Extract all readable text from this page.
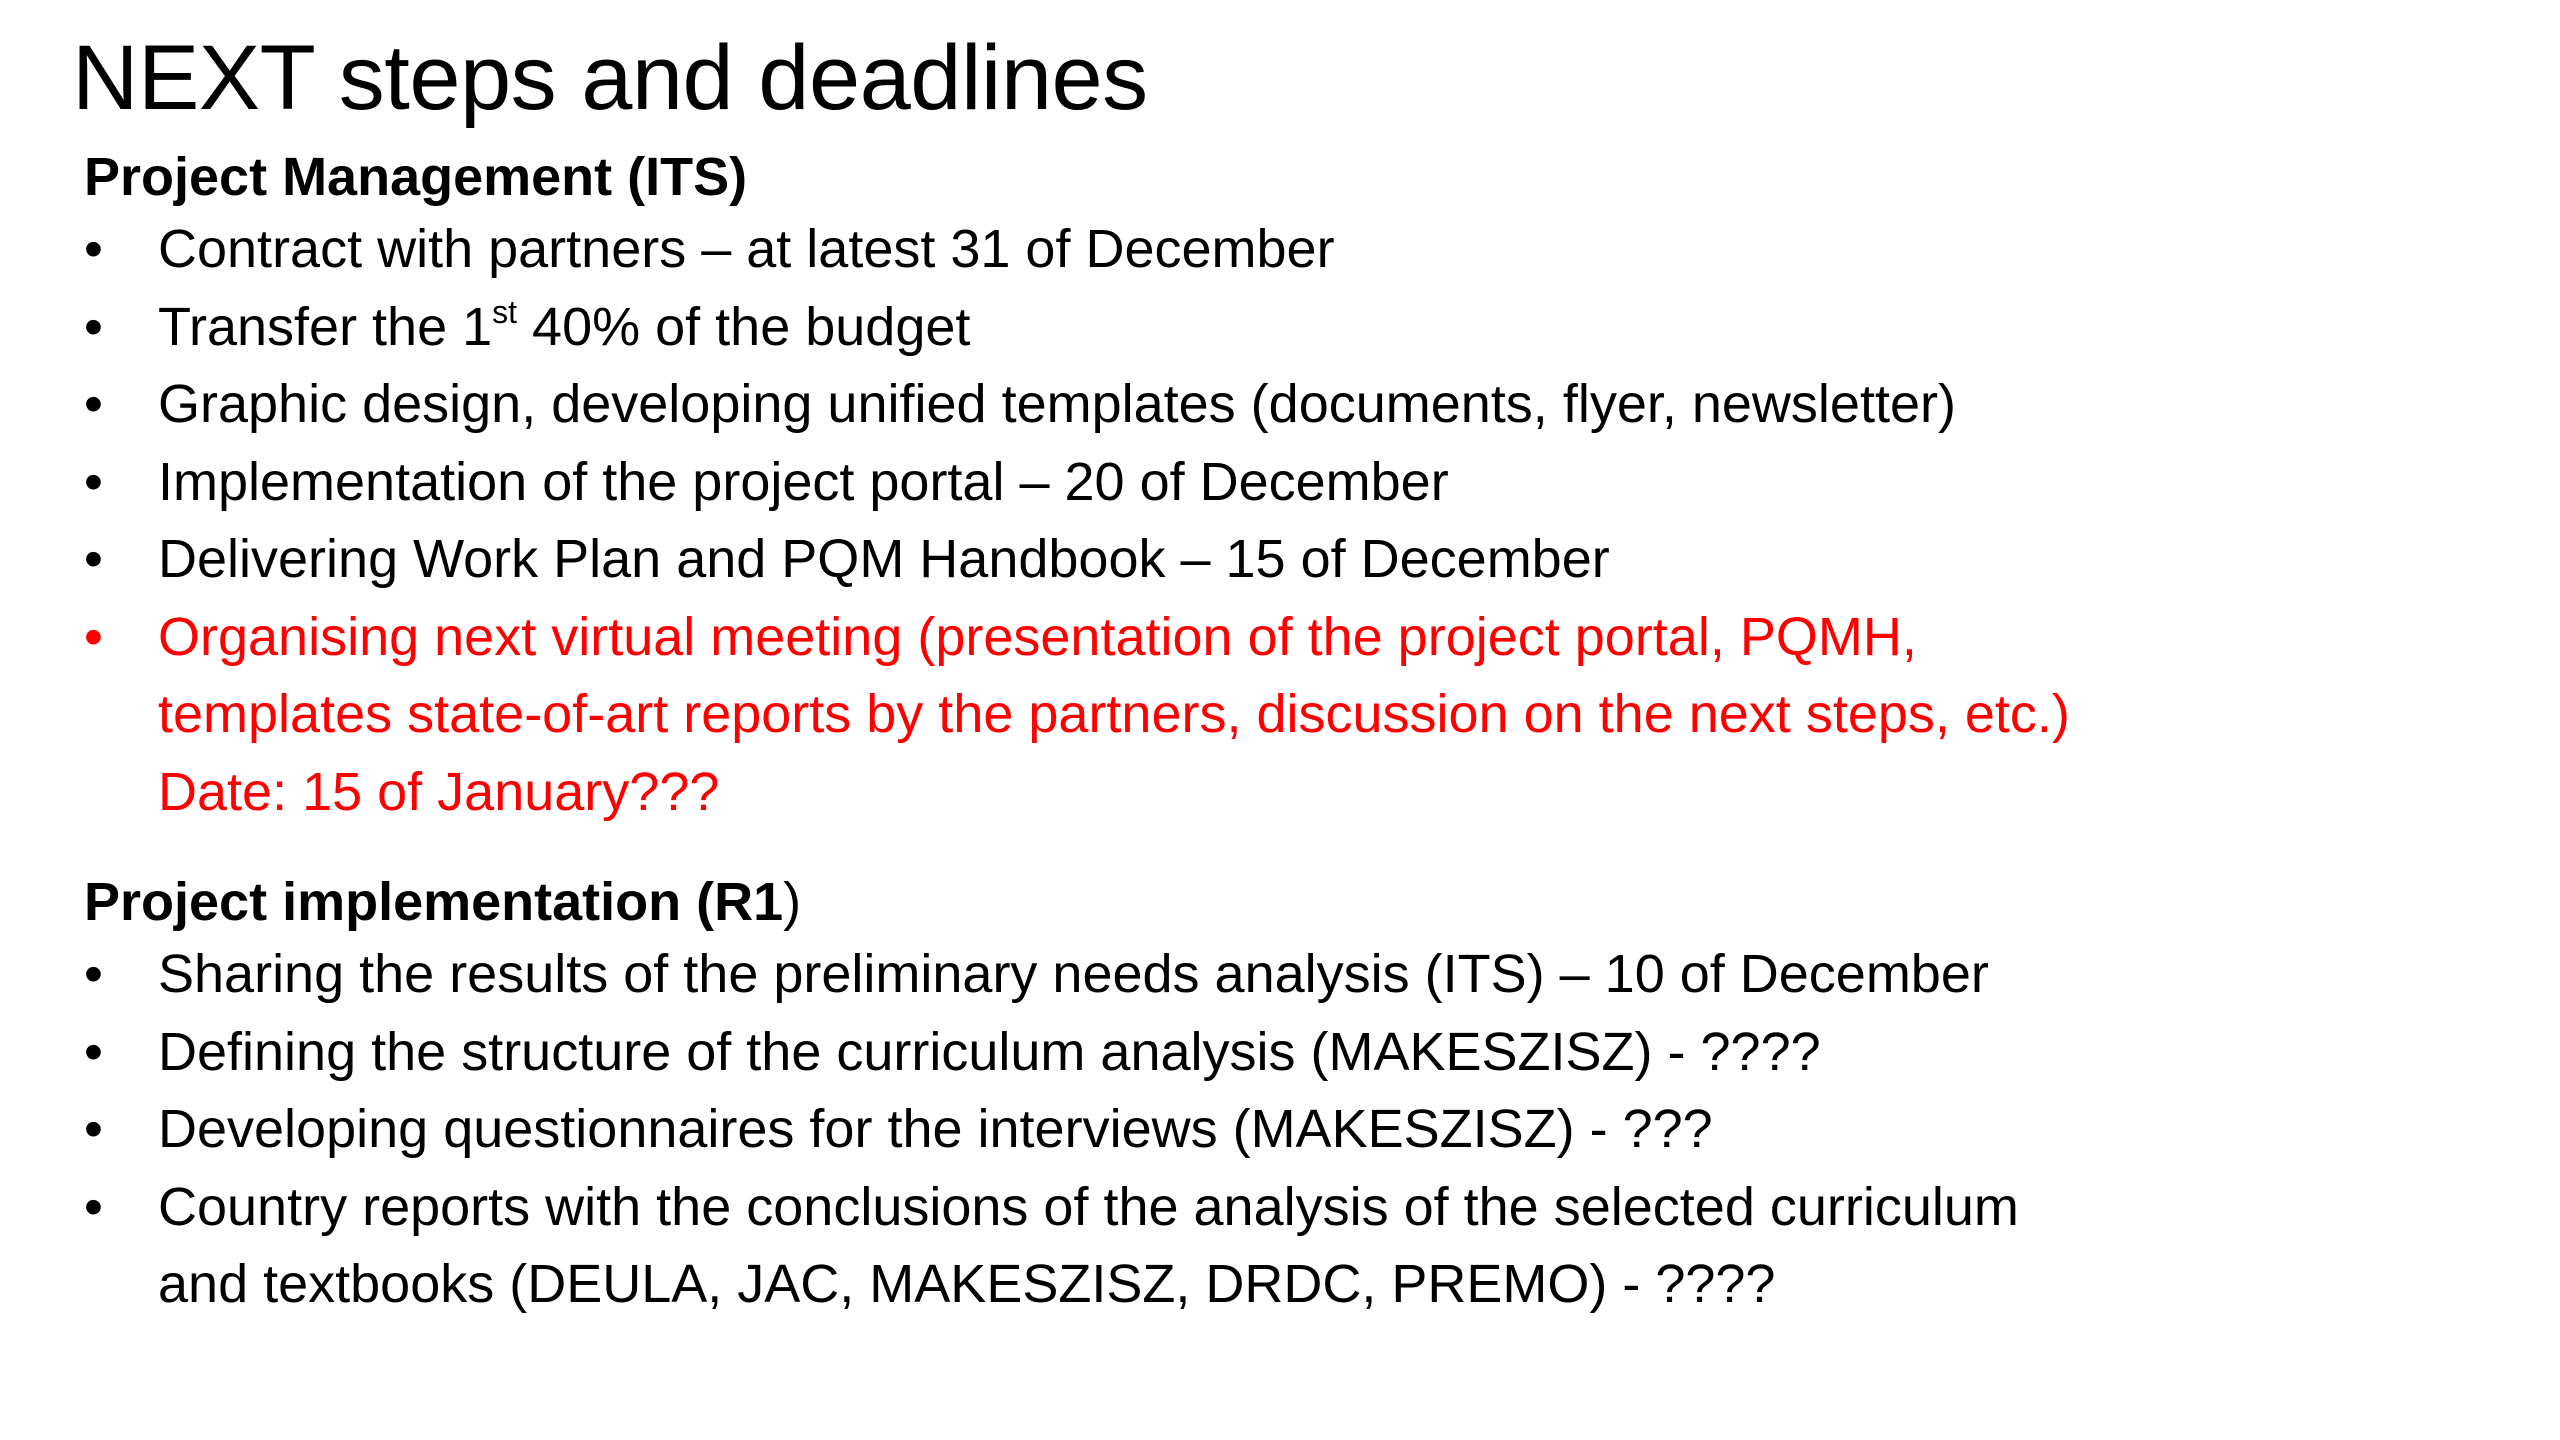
NEXT steps and deadlines
Project Management (ITS)
•	Contract with partners – at latest 31 of December
•	Transfer the 1st 40% of the budget
•	Graphic design, developing unified templates (documents, flyer, newsletter)
•	Implementation of the project portal – 20 of December
•	Delivering Work Plan and PQM Handbook – 15 of December
•	Organising next virtual meeting (presentation of the project portal, PQMH,
templates state-of-art reports by the partners, discussion on the next steps, etc.)
Date: 15 of January???
Project implementation (R1)
•	Sharing the results of the preliminary needs analysis (ITS) – 10 of December
•	Defining the structure of the curriculum analysis (MAKESZISZ) - ????
•	Developing questionnaires for the interviews (MAKESZISZ) - ???
•	Country reports with the conclusions of the analysis of the selected curriculum
and textbooks (DEULA, JAC, MAKESZISZ, DRDC, PREMO) - ????
